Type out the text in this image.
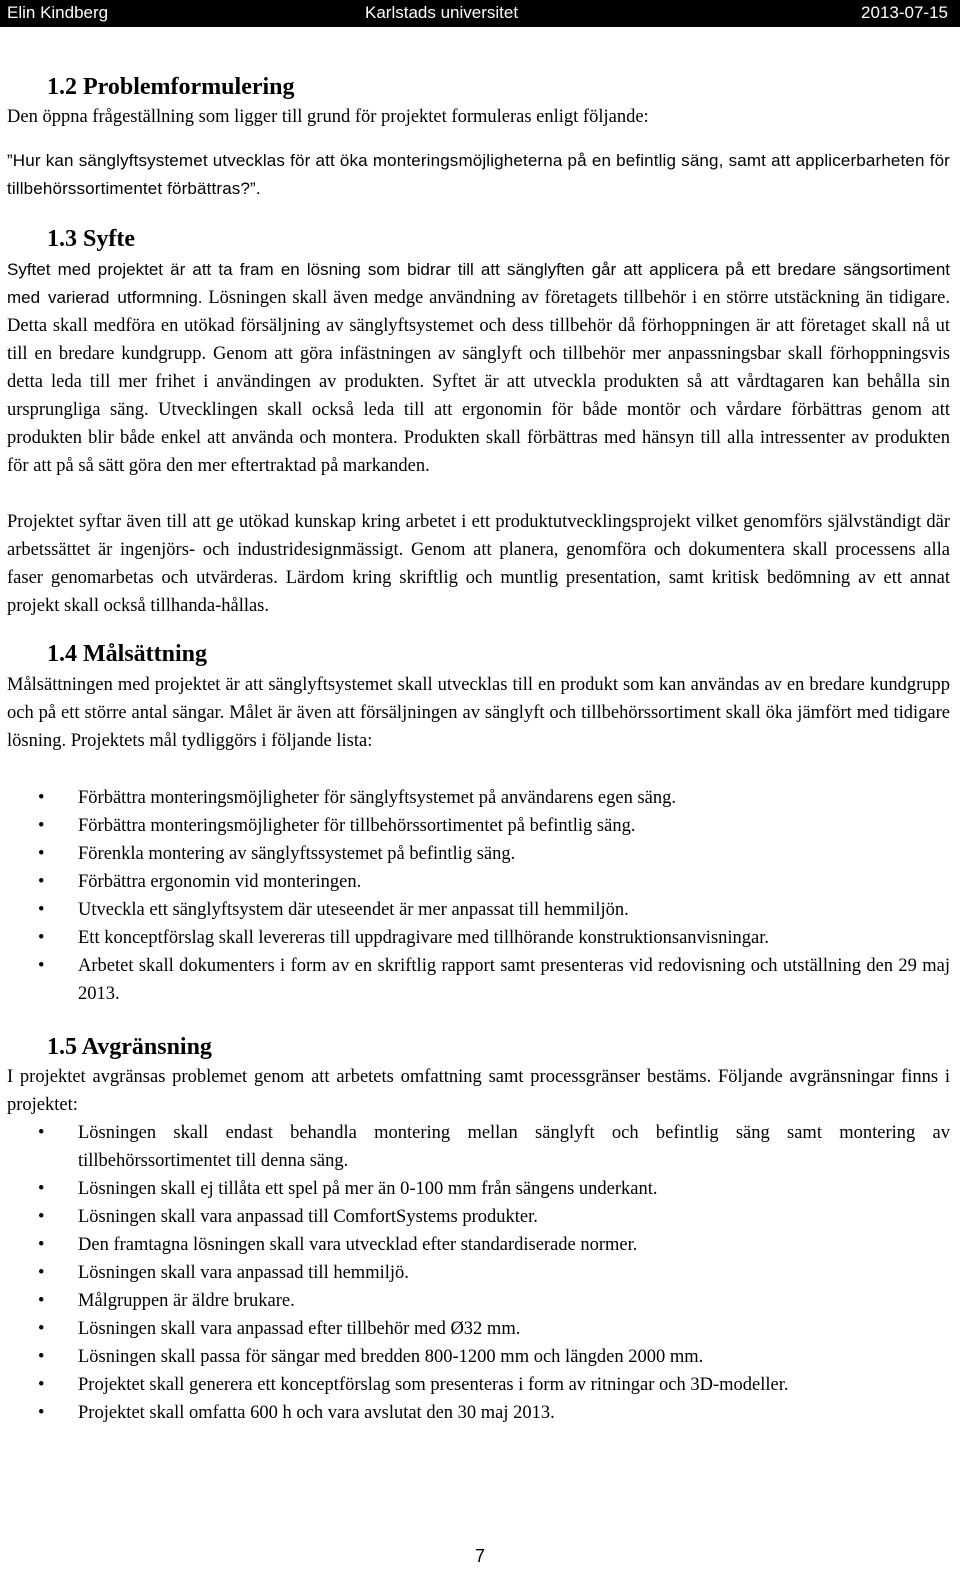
Elin Kindberg	Karlstads universitet	2013-07-15
1.2 Problemformulering

Den öppna frågeställning som ligger till grund för projektet formuleras enligt följande:

”Hur kan sänglyftsystemet utvecklas för att öka monteringsmöjligheterna på en befintlig säng, samt att applicerbarheten för tillbehörssortimentet förbättras?”.

1.3 Syfte

Syftet med projektet är att ta fram en lösning som bidrar till att sänglyften går att applicera på ett bredare sängsortiment med varierad utformning. Lösningen skall även medge användning av företagets tillbehör i en större utstäckning än tidigare. Detta skall medföra en utökad försäljning av sänglyftsystemet och dess tillbehör då förhoppningen är att företaget skall nå ut till en bredare kundgrupp. Genom att göra infästningen av sänglyft och tillbehör mer anpassningsbar skall förhoppningsvis detta leda till mer frihet i användingen av produkten. Syftet är att utveckla produkten så att vårdtagaren kan behålla sin ursprungliga säng. Utvecklingen skall också leda till att ergonomin för både montör och vårdare förbättras genom att produkten blir både enkel att använda och montera. Produkten skall förbättras med hänsyn till alla intressenter av produkten för att på så sätt göra den mer eftertraktad på markanden.

Projektet syftar även till att ge utökad kunskap kring arbetet i ett produktutvecklingsprojekt vilket genomförs självständigt där arbetssättet är ingenjörs- och industridesignmässigt. Genom att planera, genomföra och dokumentera skall processens alla faser genomarbetas och utvärderas. Lärdom kring skriftlig och muntlig presentation, samt kritisk bedömning av ett annat projekt skall också tillhanda-hållas.

1.4 Målsättning

Målsättningen med projektet är att sänglyftsystemet skall utvecklas till en produkt som kan användas av en bredare kundgrupp och på ett större antal sängar. Målet är även att försäljningen av sänglyft och tillbehörssortiment skall öka jämfört med tidigare lösning. Projektets mål tydliggörs i följande lista:

• Förbättra monteringsmöjligheter för sänglyftsystemet på användarens egen säng.
• Förbättra monteringsmöjligheter för tillbehörssortimentet på befintlig säng.
• Förenkla montering av sänglyftssystemet på befintlig säng.
• Förbättra ergonomin vid monteringen.
• Utveckla ett sänglyftsystem där uteseendet är mer anpassat till hemmiljön.
• Ett konceptförslag skall levereras till uppdragivare med tillhörande konstruktionsanvisningar.
• Arbetet skall dokumenters i form av en skriftlig rapport samt presenteras vid redovisning och utställning den 29 maj 2013.
1.5 Avgränsning

I projektet avgränsas problemet genom att arbetets omfattning samt processgränser bestäms. Följande avgränsningar finns i projektet:

• Lösningen skall endast behandla montering mellan sänglyft och befintlig säng samt montering av tillbehörssortimentet till denna säng.
• Lösningen skall ej tillåta ett spel på mer än 0-100 mm från sängens underkant.
• Lösningen skall vara anpassad till ComfortSystems produkter.
• Den framtagna lösningen skall vara utvecklad efter standardiserade normer.
• Lösningen skall vara anpassad till hemmiljö.
• Målgruppen är äldre brukare.
• Lösningen skall vara anpassad efter tillbehör med Ø32 mm.
• Lösningen skall passa för sängar med bredden 800-1200 mm och längden 2000 mm.
• Projektet skall generera ett konceptförslag som presenteras i form av ritningar och 3D-modeller.
• Projektet skall omfatta 600 h och vara avslutat den 30 maj 2013.
7
